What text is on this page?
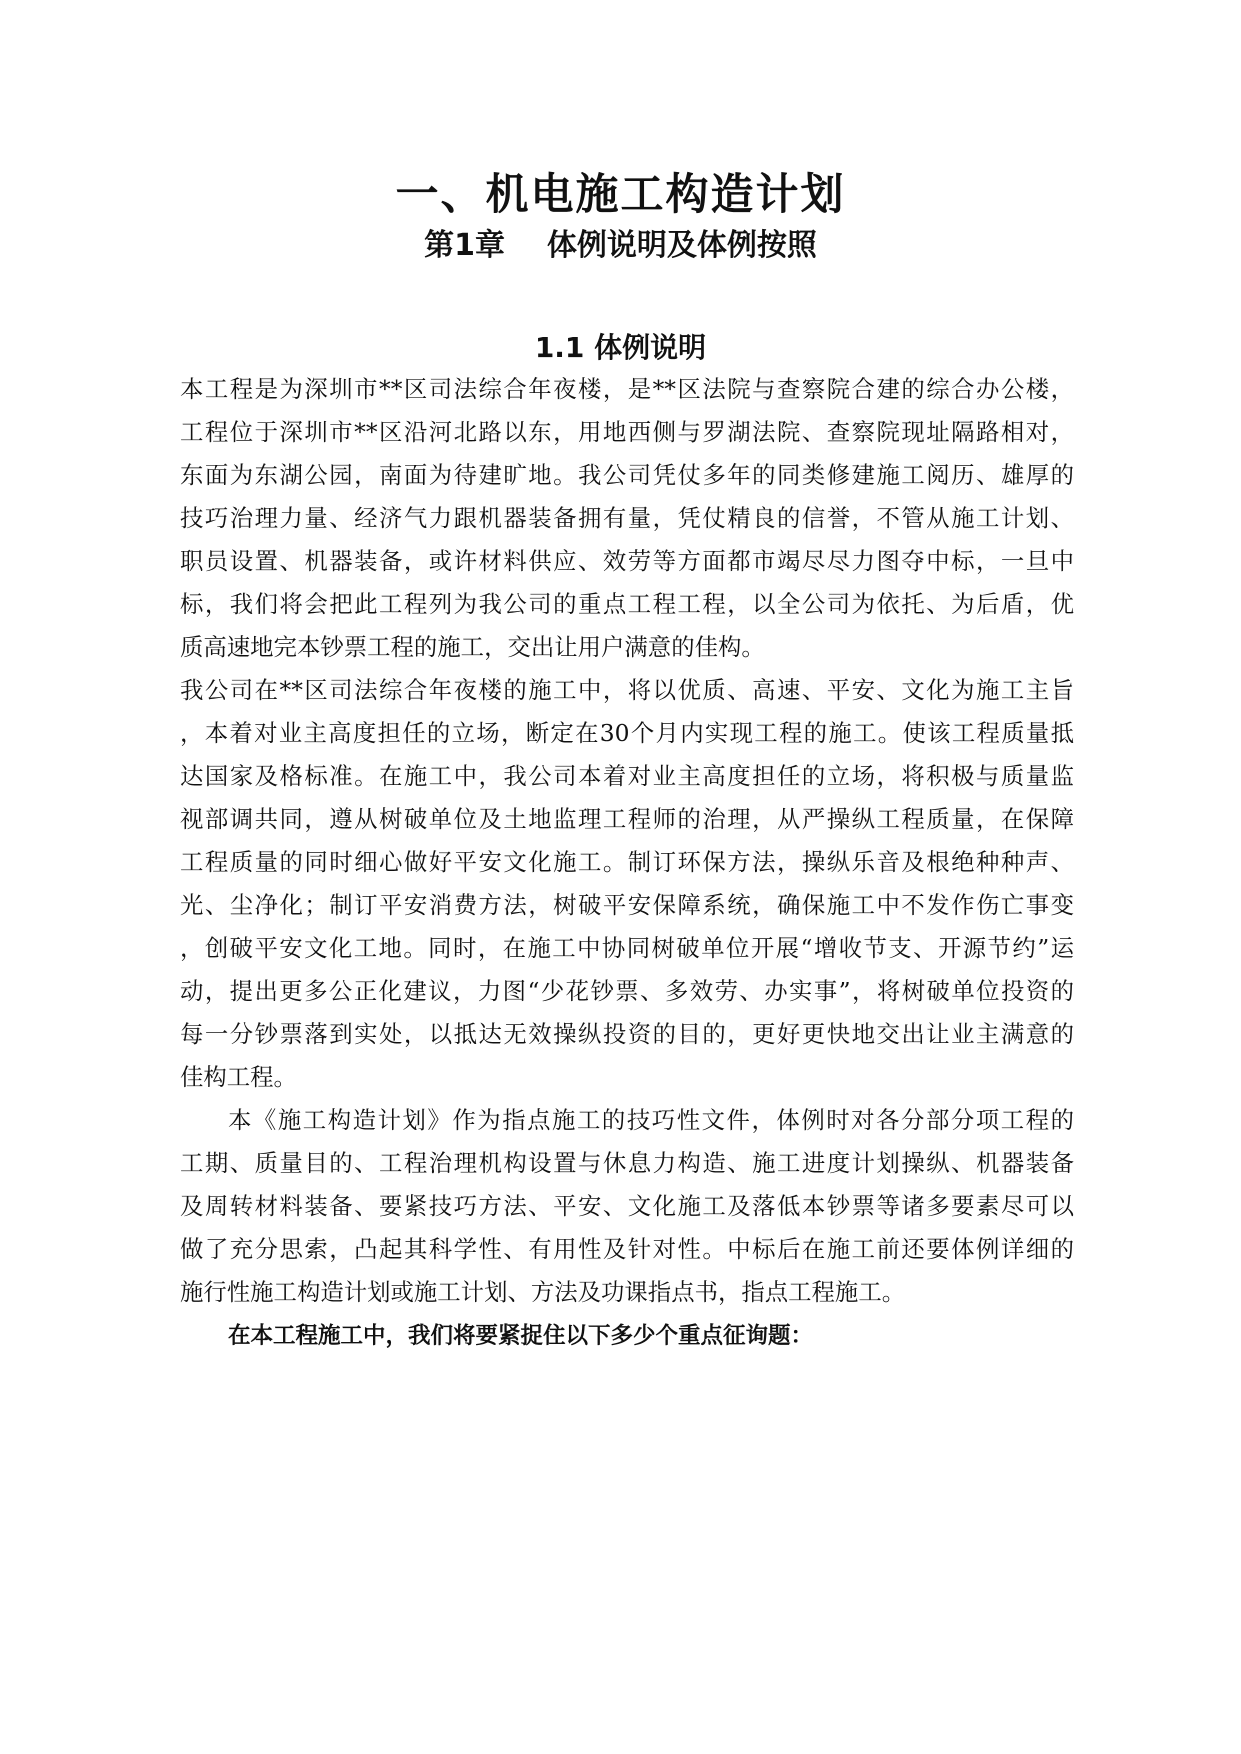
一、机电施工构造计划
第1章    体例说明及体例按照
1.1 体例说明
本工程是为深圳市**区司法综合年夜楼，是**区法院与查察院合建的综合办公楼，
工程位于深圳市**区沿河北路以东，用地西侧与罗湖法院、查察院现址隔路相对，
东面为东湖公园，南面为待建旷地。我公司凭仗多年的同类修建施工阅历、雄厚的
技巧治理力量、经济气力跟机器装备拥有量，凭仗精良的信誉，不管从施工计划、
职员设置、机器装备，或许材料供应、效劳等方面都市竭尽尽力图夺中标，一旦中
标，我们将会把此工程列为我公司的重点工程工程，以全公司为依托、为后盾，优
质高速地完本钞票工程的施工，交出让用户满意的佳构。
我公司在**区司法综合年夜楼的施工中，将以优质、高速、平安、文化为施工主旨
，本着对业主高度担任的立场，断定在30个月内实现工程的施工。使该工程质量抵
达国家及格标准。在施工中，我公司本着对业主高度担任的立场，将积极与质量监
视部调共同，遵从树破单位及土地监理工程师的治理，从严操纵工程质量，在保障
工程质量的同时细心做好平安文化施工。制订环保方法，操纵乐音及根绝种种声、
光、尘净化；制订平安消费方法，树破平安保障系统，确保施工中不发作伤亡事变
，创破平安文化工地。同时，在施工中协同树破单位开展“增收节支、开源节约”运
动，提出更多公正化建议，力图“少花钞票、多效劳、办实事”，将树破单位投资的
每一分钞票落到实处，以抵达无效操纵投资的目的，更好更快地交出让业主满意的
佳构工程。
本《施工构造计划》作为指点施工的技巧性文件，体例时对各分部分项工程的
工期、质量目的、工程治理机构设置与休息力构造、施工进度计划操纵、机器装备
及周转材料装备、要紧技巧方法、平安、文化施工及落低本钞票等诸多要素尽可以
做了充分思索，凸起其科学性、有用性及针对性。中标后在施工前还要体例详细的
施行性施工构造计划或施工计划、方法及功课指点书，指点工程施工。
在本工程施工中，我们将要紧捉住以下多少个重点征询题：
